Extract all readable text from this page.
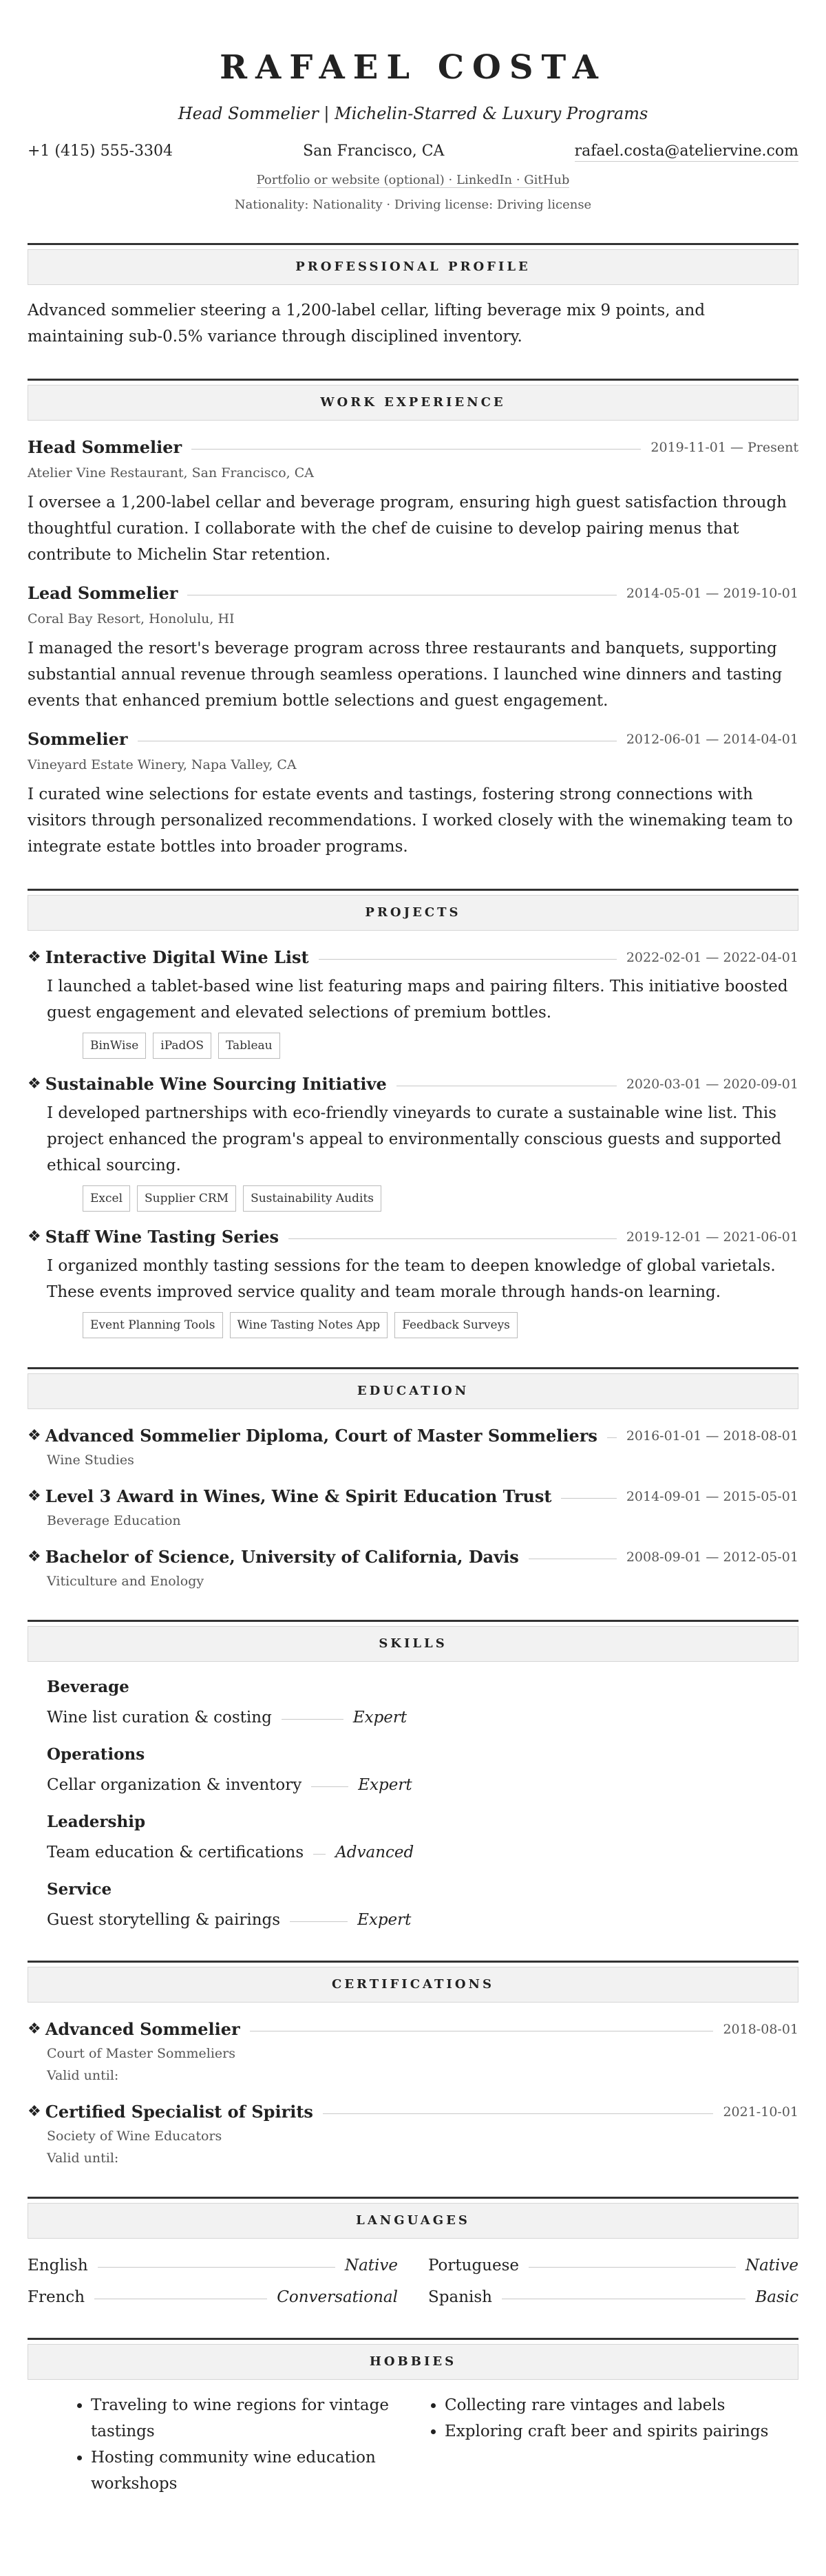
RAFAEL COSTA
Head Sommelier | Michelin-Starred & Luxury Programs
+1 (415) 555-3304	San Francisco, CA	rafael.costa@ateliervine.com
Portfolio or website (optional) · LinkedIn · GitHub
Nationality: Nationality · Driving license: Driving license
PROFESSIONAL PROFILE

Advanced sommelier steering a 1,200-label cellar, lifting beverage mix 9 points, and maintaining sub-0.5% variance through disciplined inventory.

WORK EXPERIENCE
Head Sommelier	2019-11-01 — Present
Atelier Vine Restaurant, San Francisco, CA

I oversee a 1,200-label cellar and beverage program, ensuring high guest satisfaction through thoughtful curation. I collaborate with the chef de cuisine to develop pairing menus that contribute to Michelin Star retention.

Lead Sommelier	2014-05-01 — 2019-10-01
Coral Bay Resort, Honolulu, HI

I managed the resort's beverage program across three restaurants and banquets, supporting substantial annual revenue through seamless operations. I launched wine dinners and tasting events that enhanced premium bottle selections and guest engagement.

Sommelier	2012-06-01 — 2014-04-01
Vineyard Estate Winery, Napa Valley, CA

I curated wine selections for estate events and tastings, fostering strong connections with visitors through personalized recommendations. I worked closely with the winemaking team to integrate estate bottles into broader programs.

PROJECTS
❖ Interactive Digital Wine List	2022-02-01 — 2022-04-01

I launched a tablet-based wine list featuring maps and pairing filters. This initiative boosted guest engagement and elevated selections of premium bottles.

BinWise	iPadOS	Tableau
❖ Sustainable Wine Sourcing Initiative	2020-03-01 — 2020-09-01

I developed partnerships with eco-friendly vineyards to curate a sustainable wine list. This project enhanced the program's appeal to environmentally conscious guests and supported ethical sourcing.

Excel	Supplier CRM	Sustainability Audits
❖ Staff Wine Tasting Series	2019-12-01 — 2021-06-01

I organized monthly tasting sessions for the team to deepen knowledge of global varietals. These events improved service quality and team morale through hands-on learning.

Event Planning Tools	Wine Tasting Notes App	Feedback Surveys
EDUCATION
❖ Advanced Sommelier Diploma, Court of Master Sommeliers 2016-01-01 — 2018-08-01
Wine Studies
❖ Level 3 Award in Wines, Wine & Spirit Education Trust	2014-09-01 — 2015-05-01
Beverage Education
❖ Bachelor of Science, University of California, Davis	2008-09-01 — 2012-05-01
Viticulture and Enology
SKILLS
Beverage
Wine list curation & costing	Expert
Operations
Cellar organization & inventory	Expert
Leadership
Team education & certifications Advanced
Service
Guest storytelling & pairings	Expert
CERTIFICATIONS
❖ Advanced Sommelier	2018-08-01
Court of Master Sommeliers
Valid until:
❖ Certified Specialist of Spirits	2021-10-01
Society of Wine Educators
Valid until:
LANGUAGES
English	Native Portuguese	Native
French	Conversational Spanish	Basic
HOBBIES
• Traveling to wine regions for vintage tastings
• Hosting community wine education workshops
• Collecting rare vintages and labels
• Exploring craft beer and spirits pairings
